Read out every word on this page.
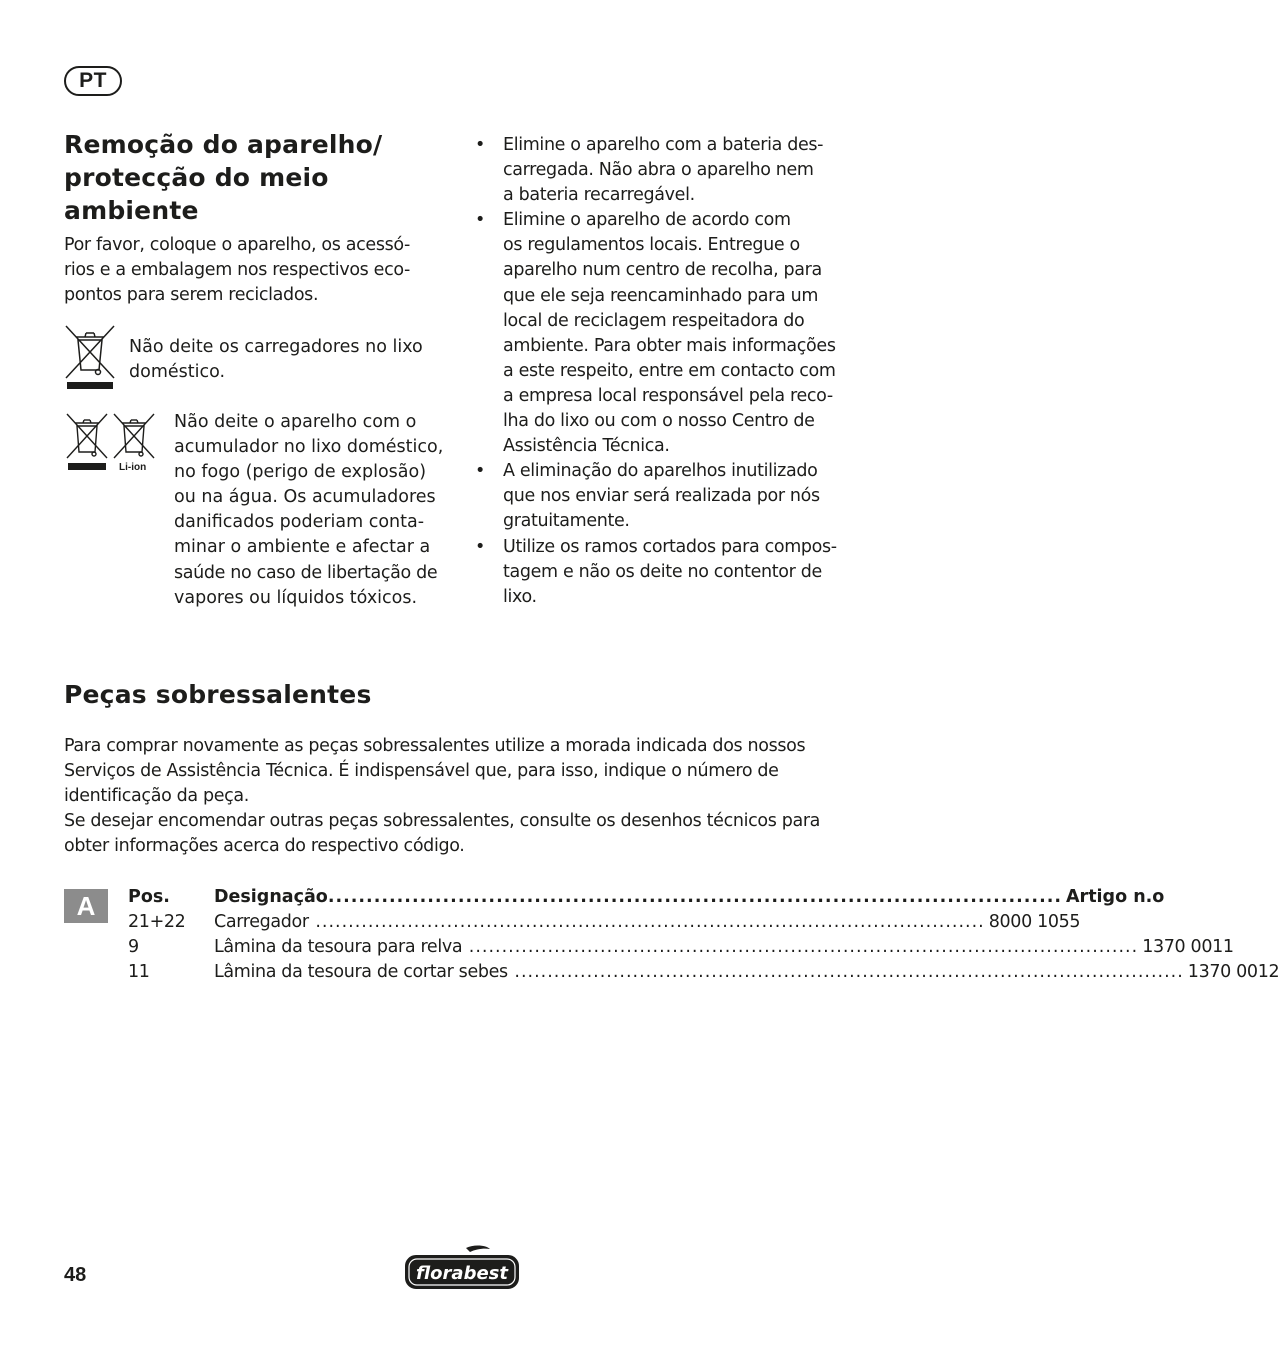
PT

Remoção do aparelho/

protecção do meio

ambiente

Por favor, coloque o aparelho, os acessó-
rios e a embalagem nos respectivos eco-
pontos para serem reciclados.
Não deite os carregadores no lixo
doméstico.
Li-ion
Não deite o aparelho com o
acumulador no lixo doméstico,
no fogo (perigo de explosão)
ou na água. Os acumuladores
danificados poderiam conta-
minar o ambiente e afectar a
saúde no caso de libertação de
vapores ou líquidos tóxicos.
• Elimine o aparelho com a bateria des-
carregada. Não abra o aparelho nem
a bateria recarregável.
• Elimine o aparelho de acordo com
os regulamentos locais. Entregue o
aparelho num centro de recolha, para
que ele seja reencaminhado para um
local de reciclagem respeitadora do
ambiente. Para obter mais informações
a este respeito, entre em contacto com
a empresa local responsável pela reco-
lha do lixo ou com o nosso Centro de
Assistência Técnica.
• A eliminação do aparelhos inutilizado
que nos enviar será realizada por nós
gratuitamente.
• Utilize os ramos cortados para compos-
tagem e não os deite no contentor de
lixo.

Peças sobressalentes

Para comprar novamente as peças sobressalentes utilize a morada indicada dos nossos
Serviços de Assistência Técnica. É indispensável que, para isso, indique o número de
identificação da peça.
Se desejar encomendar outras peças sobressalentes, consulte os desenhos técnicos para
obter informações acerca do respectivo código.
A	Pos.	Designação ................................................................................................ Artigo n.o
21+22	Carregador ...................................................................................................... 8000 1055
9	Lâmina da tesoura para relva ...................................................................................................... 1370 0011
11	Lâmina da tesoura de cortar sebes ...................................................................................................... 1370 0012
48	florabest
